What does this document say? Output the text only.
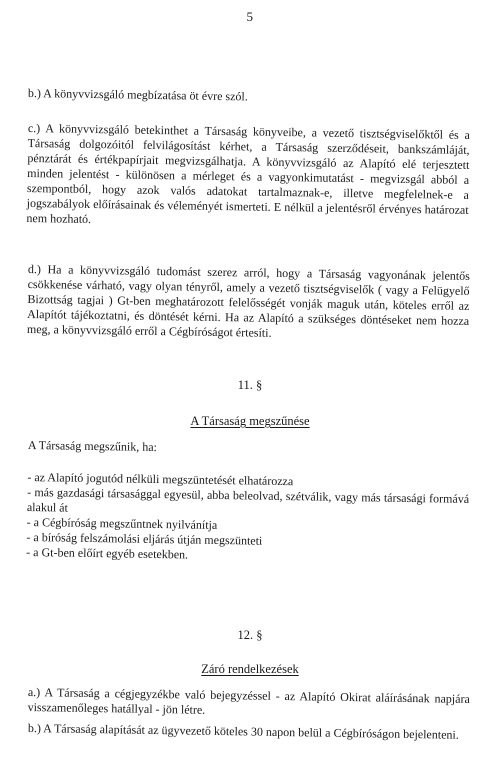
5

b.) A könyvvizsgáló megbízatása öt évre szól.

c.) A könyvvizsgáló betekinthet a Társaság könyveibe, a vezető tisztségviselőktől és a Társaság dolgozóitól felvilágosítást kérhet, a Társaság szerződéseit, bankszámláját, pénztárát és értékpapírjait megvizsgálhatja. A könyvvizsgáló az Alapító elé terjesztett minden jelentést - különösen a mérleget és a vagyonkimutatást - megvizsgál abból a szempontból, hogy azok valós adatokat tartalmaznak-e, illetve megfelelnek-e a jogszabályok előírásainak és véleményét ismerteti. E nélkül a jelentésről érvényes határozat nem hozható.

d.) Ha a könyvvizsgáló tudomást szerez arról, hogy a Társaság vagyonának jelentős csökkenése várható, vagy olyan tényről, amely a vezető tisztségviselők ( vagy a Felügyelő Bizottság tagjai ) Gt-ben meghatározott felelősségét vonják maguk után, köteles erről az Alapítót tájékoztatni, és döntését kérni. Ha az Alapító a szükséges döntéseket nem hozza meg, a könyvvizsgáló erről a Cégbíróságot értesíti.

11. §
A Társaság megszűnése

A Társaság megszűnik, ha:

- az Alapító jogutód nélküli megszüntetését elhatározza
- más gazdasági társasággal egyesül, abba beleolvad, szétválik, vagy más társasági formává alakul át
- a Cégbíróság megszűntnek nyilvánítja
- a bíróság felszámolási eljárás útján megszünteti
- a Gt-ben előírt egyéb esetekben.
12. §
Záró rendelkezések

a.) A Társaság a cégjegyzékbe való bejegyzéssel - az Alapító Okirat aláírásának napjára visszamenőleges hatállyal - jön létre.

b.) A Társaság alapítását az ügyvezető köteles 30 napon belül a Cégbíróságon bejelenteni.
